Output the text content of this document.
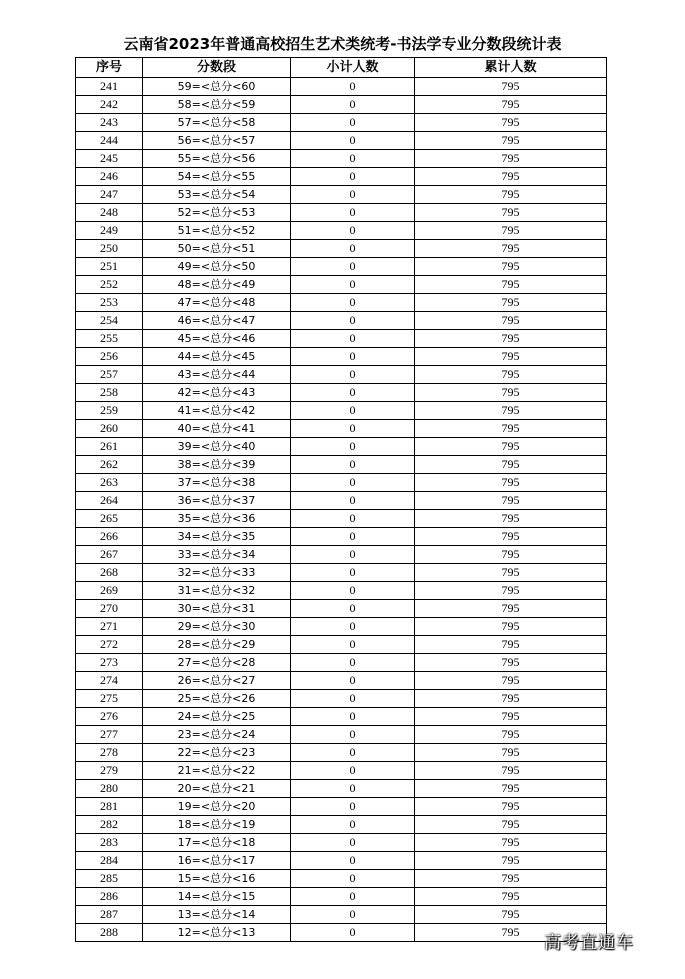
云南省2023年普通高校招生艺术类统考-书法学专业分数段统计表
序号	分数段	小计人数	累计人数
241	59=<总分<60	0	795
242	58=<总分<59	0	795
243	57=<总分<58	0	795
244	56=<总分<57	0	795
245	55=<总分<56	0	795
246	54=<总分<55	0	795
247	53=<总分<54	0	795
248	52=<总分<53	0	795
249	51=<总分<52	0	795
250	50=<总分<51	0	795
251	49=<总分<50	0	795
252	48=<总分<49	0	795
253	47=<总分<48	0	795
254	46=<总分<47	0	795
255	45=<总分<46	0	795
256	44=<总分<45	0	795
257	43=<总分<44	0	795
258	42=<总分<43	0	795
259	41=<总分<42	0	795
260	40=<总分<41	0	795
261	39=<总分<40	0	795
262	38=<总分<39	0	795
263	37=<总分<38	0	795
264	36=<总分<37	0	795
265	35=<总分<36	0	795
266	34=<总分<35	0	795
267	33=<总分<34	0	795
268	32=<总分<33	0	795
269	31=<总分<32	0	795
270	30=<总分<31	0	795
271	29=<总分<30	0	795
272	28=<总分<29	0	795
273	27=<总分<28	0	795
274	26=<总分<27	0	795
275	25=<总分<26	0	795
276	24=<总分<25	0	795
277	23=<总分<24	0	795
278	22=<总分<23	0	795
279	21=<总分<22	0	795
280	20=<总分<21	0	795
281	19=<总分<20	0	795
282	18=<总分<19	0	795
283	17=<总分<18	0	795
284	16=<总分<17	0	795
285	15=<总分<16	0	795
286	14=<总分<15	0	795
287	13=<总分<14	0	795
288	12=<总分<13	0	795
高考直通车
